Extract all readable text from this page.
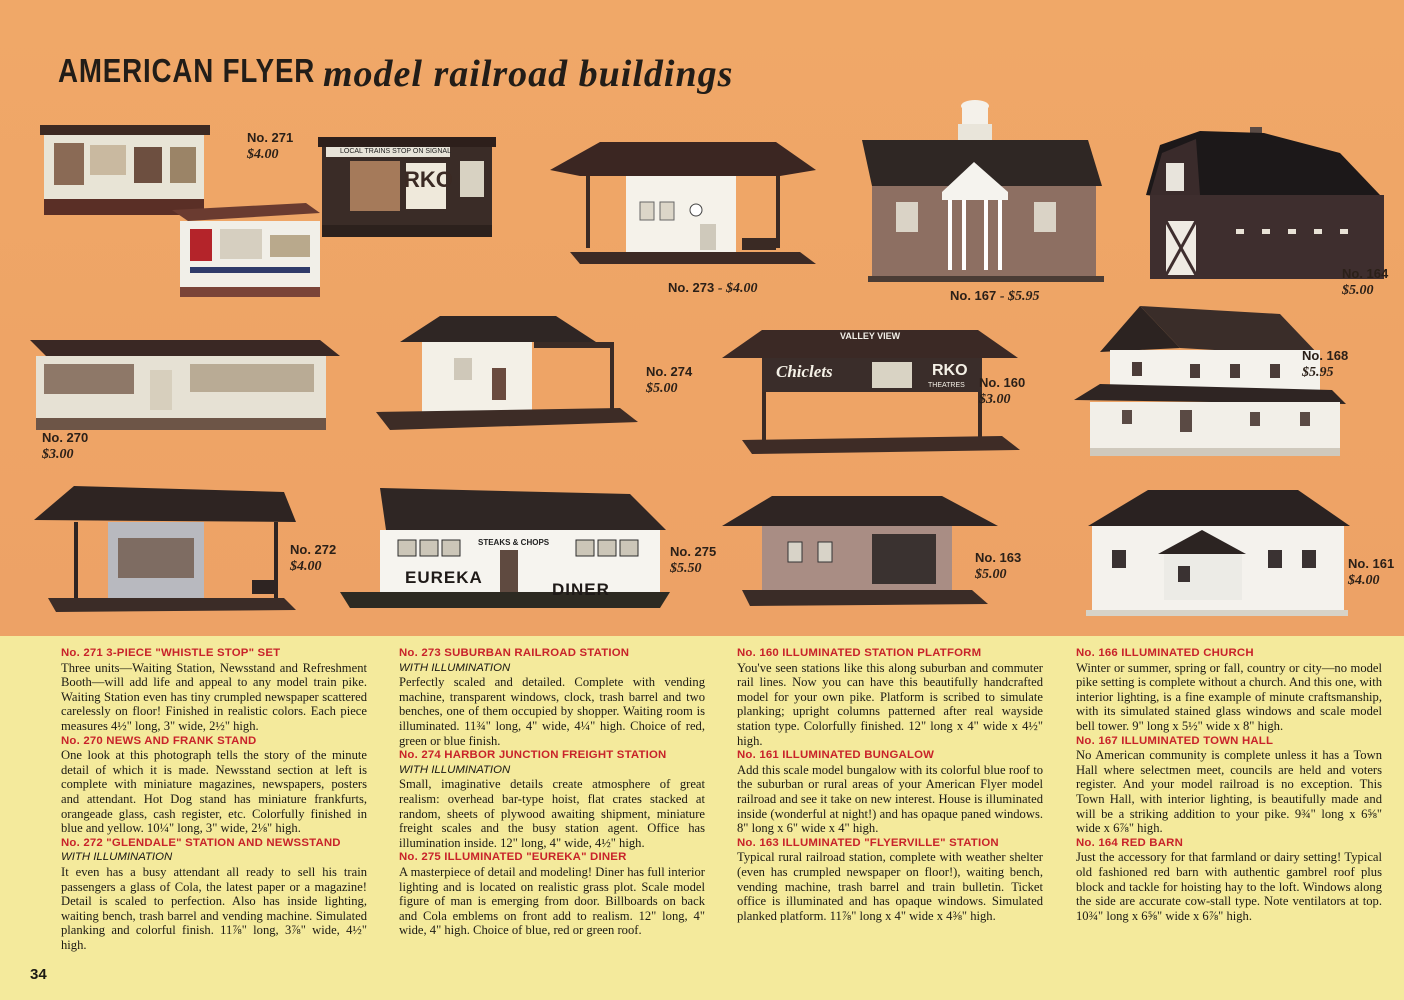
AMERICAN FLYER model railroad buildings
No. 271
$4.00	LOCAL TRAINS STOP ON SIGNAL
RKO
No. 273 - $4.00	No. 167 - $5.95
No. 164
$5.00
No. 270
$3.00
No. 274
$5.00
VALLEY VIEW
Chiclets	RKO
THEATRES No. 160
$3.00
No. 168
$5.95
No. 272
$4.00
STEAKS & CHOPS
EUREKA
DINER
No. 275
$5.50
No. 163
$5.00
No. 161
$4.00
No. 271 3-PIECE "WHISTLE STOP" SET

Three units—Waiting Station, Newsstand and Refreshment Booth—will add life and appeal to any model train pike. Waiting Station even has tiny crumpled newspaper scattered carelessly on floor! Finished in realistic colors. Each piece measures 4½" long, 3" wide, 2½" high.

No. 270 NEWS AND FRANK STAND

One look at this photograph tells the story of the minute detail of which it is made. Newsstand section at left is complete with miniature magazines, newspapers, posters and attendant. Hot Dog stand has miniature frankfurts, orangeade glass, cash register, etc. Colorfully finished in blue and yellow. 10¼" long, 3" wide, 2⅛" high.

No. 272 "GLENDALE" STATION AND NEWSSTAND
WITH ILLUMINATION

It even has a busy attendant all ready to sell his train passengers a glass of Cola, the latest paper or a magazine! Detail is scaled to perfection. Also has inside lighting, waiting bench, trash barrel and vending machine. Simulated planking and colorful finish. 11⅞" long, 3⅞" wide, 4½" high.

No. 273 SUBURBAN RAILROAD STATION
WITH ILLUMINATION

Perfectly scaled and detailed. Complete with vending machine, transparent windows, clock, trash barrel and two benches, one of them occupied by shopper. Waiting room is illuminated. 11¾" long, 4" wide, 4¼" high. Choice of red, green or blue finish.

No. 274 HARBOR JUNCTION FREIGHT STATION
WITH ILLUMINATION

Small, imaginative details create atmosphere of great realism: overhead bar-type hoist, flat crates stacked at random, sheets of plywood awaiting shipment, miniature freight scales and the busy station agent. Office has illumination inside. 12" long, 4" wide, 4½" high.

No. 275 ILLUMINATED "EUREKA" DINER

A masterpiece of detail and modeling! Diner has full interior lighting and is located on realistic grass plot. Scale model figure of man is emerging from door. Billboards on back and Cola emblems on front add to realism. 12" long, 4" wide, 4" high. Choice of blue, red or green roof.

No. 160 ILLUMINATED STATION PLATFORM

You've seen stations like this along suburban and commuter rail lines. Now you can have this beautifully handcrafted model for your own pike. Platform is scribed to simulate planking; upright columns patterned after real wayside station type. Colorfully finished. 12" long x 4" wide x 4½" high.

No. 161 ILLUMINATED BUNGALOW

Add this scale model bungalow with its colorful blue roof to the suburban or rural areas of your American Flyer model railroad and see it take on new interest. House is illuminated inside (wonderful at night!) and has opaque paned windows. 8" long x 6" wide x 4" high.

No. 163 ILLUMINATED "FLYERVILLE" STATION

Typical rural railroad station, complete with weather shelter (even has crumpled newspaper on floor!), waiting bench, vending machine, trash barrel and train bulletin. Ticket office is illuminated and has opaque windows. Simulated planked platform. 11⅞" long x 4" wide x 4⅜" high.

No. 166 ILLUMINATED CHURCH

Winter or summer, spring or fall, country or city—no model pike setting is complete without a church. And this one, with interior lighting, is a fine example of minute craftsmanship, with its simulated stained glass windows and scale model bell tower. 9" long x 5½" wide x 8" high.

No. 167 ILLUMINATED TOWN HALL

No American community is complete unless it has a Town Hall where selectmen meet, councils are held and voters register. And your model railroad is no exception. This Town Hall, with interior lighting, is beautifully made and will be a striking addition to your pike. 9¾" long x 6⅝" wide x 6⅞" high.

No. 164 RED BARN

Just the accessory for that farmland or dairy setting! Typical old fashioned red barn with authentic gambrel roof plus block and tackle for hoisting hay to the loft. Windows along the side are accurate cow-stall type. Note ventilators at top. 10¾" long x 6⅝" wide x 6⅞" high.

34
